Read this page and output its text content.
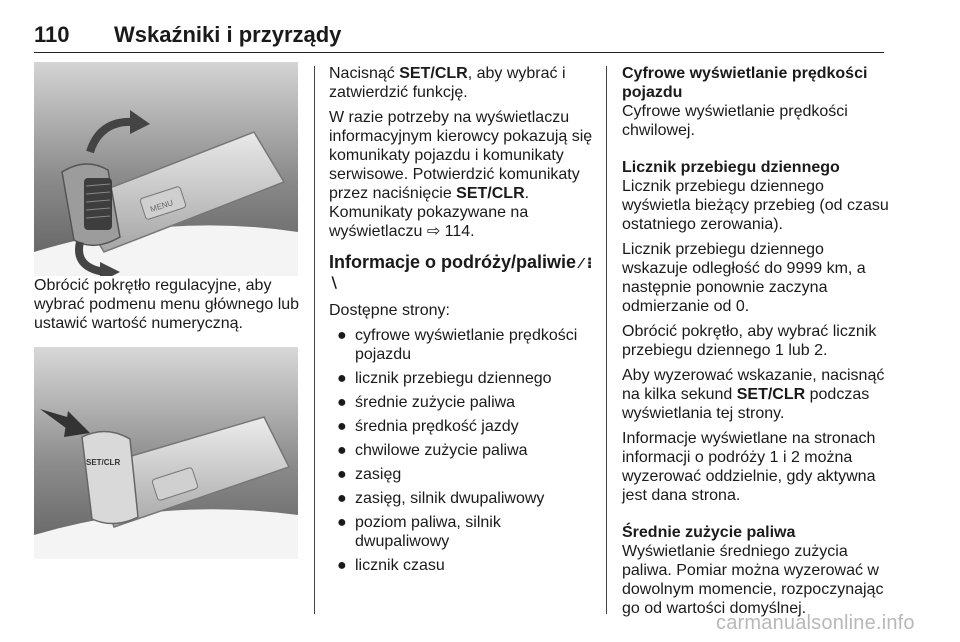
110 Wskaźniki i przyrządy
MENU

Obrócić pokrętło regulacyjne, aby wybrać podmenu menu głównego lub ustawić wartość numeryczną.

SET/CLR

Nacisnąć SET/CLR, aby wybrać i zatwierdzić funkcję.

W razie potrzeby na wyświetlaczu informacyjnym kierowcy pokazują się komunikaty pojazdu i komunikaty serwisowe. Potwierdzić komunikaty przez naciśnięcie SET/CLR. Komunikaty pokazywane na wyświetlaczu ⇨ 114.

Informacje o podróży/paliwie ⁄ ⁝ ∖

Dostępne strony:

● cyfrowe wyświetlanie prędkości pojazdu
● licznik przebiegu dziennego
● średnie zużycie paliwa
● średnia prędkość jazdy
● chwilowe zużycie paliwa
● zasięg
● zasięg, silnik dwupaliwowy
● poziom paliwa, silnik dwupaliwowy
● licznik czasu
Cyfrowe wyświetlanie prędkości pojazdu

Cyfrowe wyświetlanie prędkości chwilowej.

Licznik przebiegu dziennego

Licznik przebiegu dziennego wyświetla bieżący przebieg (od czasu ostatniego zerowania).

Licznik przebiegu dziennego wskazuje odległość do 9999 km, a następnie ponownie zaczyna odmierzanie od 0.

Obrócić pokrętło, aby wybrać licznik przebiegu dziennego 1 lub 2.

Aby wyzerować wskazanie, nacisnąć na kilka sekund SET/CLR podczas wyświetlania tej strony.

Informacje wyświetlane na stronach informacji o podróży 1 i 2 można wyzerować oddzielnie, gdy aktywna jest dana strona.

Średnie zużycie paliwa

Wyświetlanie średniego zużycia paliwa. Pomiar można wyzerować w dowolnym momencie, rozpoczynając go od wartości domyślnej.

carmanualsonline.info
